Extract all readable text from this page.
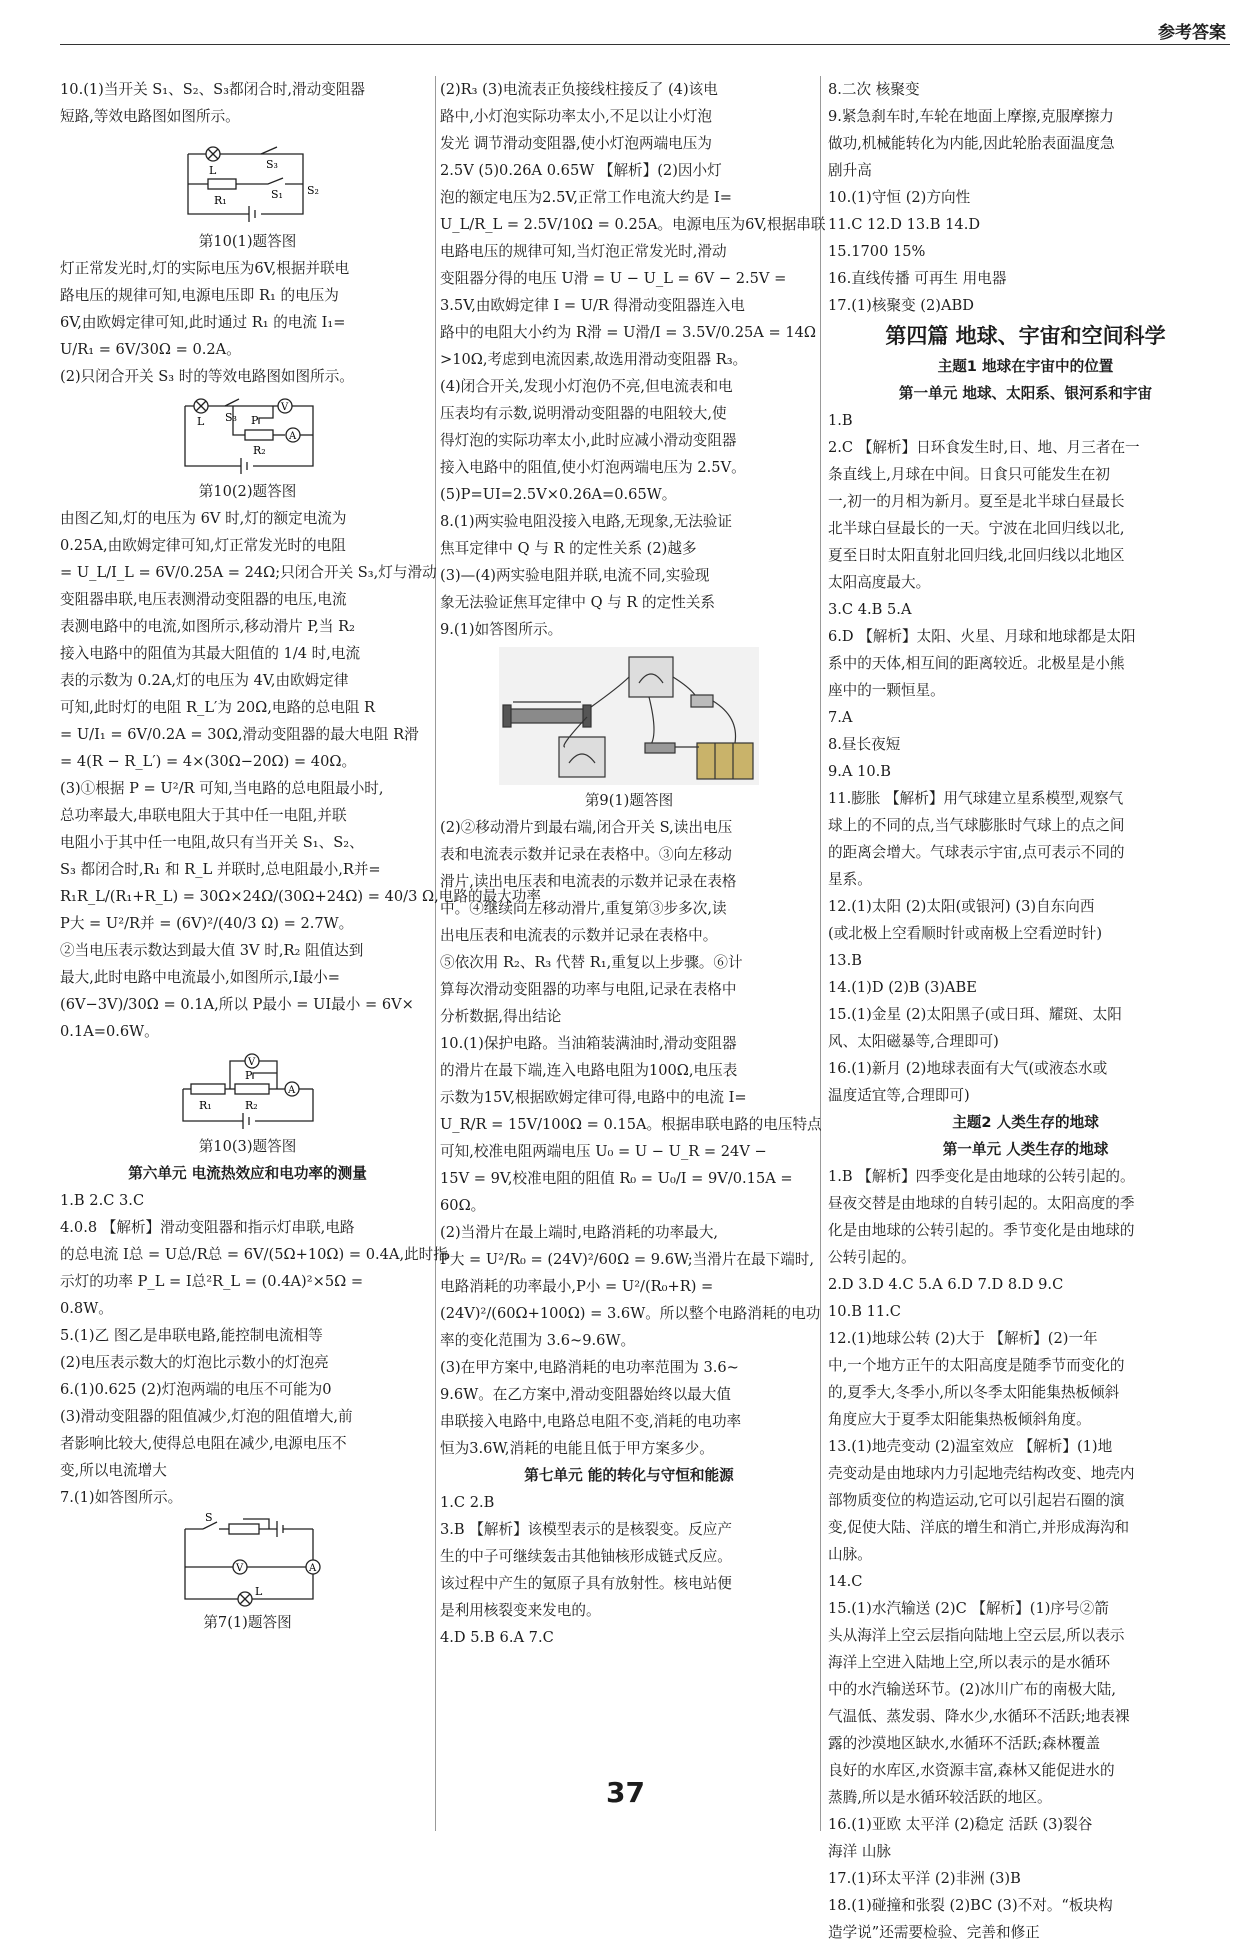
参考答案
10.(1)当开关 S₁、S₂、S₃都闭合时,滑动变阻器
短路,等效电路图如图所示。
L	S₃
R₁	S₁ S₂
第10(1)题答图
灯正常发光时,灯的实际电压为6V,根据并联电
路电压的规律可知,电源电压即 R₁ 的电压为
6V,由欧姆定律可知,此时通过 R₁ 的电流 I₁=
U/R₁ = 6V/30Ω = 0.2A。
(2)只闭合开关 S₃ 时的等效电路图如图所示。
L S₃
V
A
P
R₂
第10(2)题答图
由图乙知,灯的电压为 6V 时,灯的额定电流为
0.25A,由欧姆定律可知,灯正常发光时的电阻
= U_L/I_L = 6V/0.25A = 24Ω;只闭合开关 S₃,灯与滑动
变阻器串联,电压表测滑动变阻器的电压,电流
表测电路中的电流,如图所示,移动滑片 P,当 R₂
接入电路中的阻值为其最大阻值的 1/4 时,电流
表的示数为 0.2A,灯的电压为 4V,由欧姆定律
可知,此时灯的电阻 R_L′为 20Ω,电路的总电阻 R
= U/I₁ = 6V/0.2A = 30Ω,滑动变阻器的最大电阻 R滑
= 4(R − R_L′) = 4×(30Ω−20Ω) = 40Ω。
(3)①根据 P = U²/R 可知,当电路的总电阻最小时,
总功率最大,串联电阻大于其中任一电阻,并联
电阻小于其中任一电阻,故只有当开关 S₁、S₂、
S₃ 都闭合时,R₁ 和 R_L 并联时,总电阻最小,R并=
R₁R_L/(R₁+R_L) = 30Ω×24Ω/(30Ω+24Ω) = 40/3 Ω,电路的最大功率
P大 = U²/R并 = (6V)²/(40/3 Ω) = 2.7W。
②当电压表示数达到最大值 3V 时,R₂ 阻值达到
最大,此时电路中电流最小,如图所示,I最小=
(6V−3V)/30Ω = 0.1A,所以 P最小 = UI最小 = 6V×
0.1A=0.6W。
V
P
A
R₁	R₂
第10(3)题答图
第六单元 电流热效应和电功率的测量
1.B 2.C 3.C
4.0.8 【解析】滑动变阻器和指示灯串联,电路
的总电流 I总 = U总/R总 = 6V/(5Ω+10Ω) = 0.4A,此时指
示灯的功率 P_L = I总²R_L = (0.4A)²×5Ω =
0.8W。
5.(1)乙 图乙是串联电路,能控制电流相等
(2)电压表示数大的灯泡比示数小的灯泡亮
6.(1)0.625 (2)灯泡两端的电压不可能为0
(3)滑动变阻器的阻值减少,灯泡的阻值增大,前
者影响比较大,使得总电阻在减少,电源电压不
变,所以电流增大
7.(1)如答图所示。
S
V	A
L
第7(1)题答图
(2)R₃ (3)电流表正负接线柱接反了 (4)该电
路中,小灯泡实际功率太小,不足以让小灯泡
发光 调节滑动变阻器,使小灯泡两端电压为
2.5V (5)0.26A 0.65W 【解析】(2)因小灯
泡的额定电压为2.5V,正常工作电流大约是 I=
U_L/R_L = 2.5V/10Ω = 0.25A。电源电压为6V,根据串联
电路电压的规律可知,当灯泡正常发光时,滑动
变阻器分得的电压 U滑 = U − U_L = 6V − 2.5V =
3.5V,由欧姆定律 I = U/R 得滑动变阻器连入电
路中的电阻大小约为 R滑 = U滑/I = 3.5V/0.25A = 14Ω
>10Ω,考虑到电流因素,故选用滑动变阻器 R₃。
(4)闭合开关,发现小灯泡仍不亮,但电流表和电
压表均有示数,说明滑动变阻器的电阻较大,使
得灯泡的实际功率太小,此时应减小滑动变阻器
接入电路中的阻值,使小灯泡两端电压为 2.5V。
(5)P=UI=2.5V×0.26A=0.65W。
8.(1)两实验电阻没接入电路,无现象,无法验证
焦耳定律中 Q 与 R 的定性关系 (2)越多
(3)—(4)两实验电阻并联,电流不同,实验现
象无法验证焦耳定律中 Q 与 R 的定性关系
9.(1)如答图所示。
第9(1)题答图
(2)②移动滑片到最右端,闭合开关 S,读出电压
表和电流表示数并记录在表格中。③向左移动
滑片,读出电压表和电流表的示数并记录在表格
中。④继续向左移动滑片,重复第③步多次,读
出电压表和电流表的示数并记录在表格中。
⑤依次用 R₂、R₃ 代替 R₁,重复以上步骤。⑥计
算每次滑动变阻器的功率与电阻,记录在表格中
分析数据,得出结论
10.(1)保护电路。当油箱装满油时,滑动变阻器
的滑片在最下端,连入电路电阻为100Ω,电压表
示数为15V,根据欧姆定律可得,电路中的电流 I=
U_R/R = 15V/100Ω = 0.15A。根据串联电路的电压特点
可知,校准电阻两端电压 U₀ = U − U_R = 24V −
15V = 9V,校准电阻的阻值 R₀ = U₀/I = 9V/0.15A =
60Ω。
(2)当滑片在最上端时,电路消耗的功率最大,
P大 = U²/R₀ = (24V)²/60Ω = 9.6W;当滑片在最下端时,
电路消耗的功率最小,P小 = U²/(R₀+R) =
(24V)²/(60Ω+100Ω) = 3.6W。所以整个电路消耗的电功
率的变化范围为 3.6~9.6W。
(3)在甲方案中,电路消耗的电功率范围为 3.6~
9.6W。在乙方案中,滑动变阻器始终以最大值
串联接入电路中,电路总电阻不变,消耗的电功率
恒为3.6W,消耗的电能且低于甲方案多少。
第七单元 能的转化与守恒和能源
1.C 2.B
3.B 【解析】该模型表示的是核裂变。反应产
生的中子可继续轰击其他铀核形成链式反应。
该过程中产生的氪原子具有放射性。核电站便
是利用核裂变来发电的。
4.D 5.B 6.A 7.C
8.二次 核聚变
9.紧急刹车时,车轮在地面上摩擦,克服摩擦力
做功,机械能转化为内能,因此轮胎表面温度急
剧升高
10.(1)守恒 (2)方向性
11.C 12.D 13.B 14.D
15.1700 15%
16.直线传播 可再生 用电器
17.(1)核聚变 (2)ABD
第四篇 地球、宇宙和空间科学
主题1 地球在宇宙中的位置
第一单元 地球、太阳系、银河系和宇宙
1.B
2.C 【解析】日环食发生时,日、地、月三者在一
条直线上,月球在中间。日食只可能发生在初
一,初一的月相为新月。夏至是北半球白昼最长
北半球白昼最长的一天。宁波在北回归线以北,
夏至日时太阳直射北回归线,北回归线以北地区
太阳高度最大。
3.C 4.B 5.A
6.D 【解析】太阳、火星、月球和地球都是太阳
系中的天体,相互间的距离较近。北极星是小熊
座中的一颗恒星。
7.A
8.昼长夜短
9.A 10.B
11.膨胀 【解析】用气球建立星系模型,观察气
球上的不同的点,当气球膨胀时气球上的点之间
的距离会增大。气球表示宇宙,点可表示不同的
星系。
12.(1)太阳 (2)太阳(或银河) (3)自东向西
(或北极上空看顺时针或南极上空看逆时针)
13.B
14.(1)D (2)B (3)ABE
15.(1)金星 (2)太阳黑子(或日珥、耀斑、太阳
风、太阳磁暴等,合理即可)
16.(1)新月 (2)地球表面有大气(或液态水或
温度适宜等,合理即可)
主题2 人类生存的地球
第一单元 人类生存的地球
1.B 【解析】四季变化是由地球的公转引起的。
昼夜交替是由地球的自转引起的。太阳高度的季
化是由地球的公转引起的。季节变化是由地球的
公转引起的。
2.D 3.D 4.C 5.A 6.D 7.D 8.D 9.C
10.B 11.C
12.(1)地球公转 (2)大于 【解析】(2)一年
中,一个地方正午的太阳高度是随季节而变化的
的,夏季大,冬季小,所以冬季太阳能集热板倾斜
角度应大于夏季太阳能集热板倾斜角度。
13.(1)地壳变动 (2)温室效应 【解析】(1)地
壳变动是由地球内力引起地壳结构改变、地壳内
部物质变位的构造运动,它可以引起岩石圈的演
变,促使大陆、洋底的增生和消亡,并形成海沟和
山脉。
14.C
15.(1)水汽输送 (2)C 【解析】(1)序号②箭
头从海洋上空云层指向陆地上空云层,所以表示
海洋上空进入陆地上空,所以表示的是水循环
中的水汽输送环节。(2)冰川广布的南极大陆,
气温低、蒸发弱、降水少,水循环不活跃;地表裸
露的沙漠地区缺水,水循环不活跃;森林覆盖
良好的水库区,水资源丰富,森林又能促进水的
蒸腾,所以是水循环较活跃的地区。
16.(1)亚欧 太平洋 (2)稳定 活跃 (3)裂谷
海洋 山脉
17.(1)环太平洋 (2)非洲 (3)B
18.(1)碰撞和张裂 (2)BC (3)不对。“板块构
造学说”还需要检验、完善和修正
37
